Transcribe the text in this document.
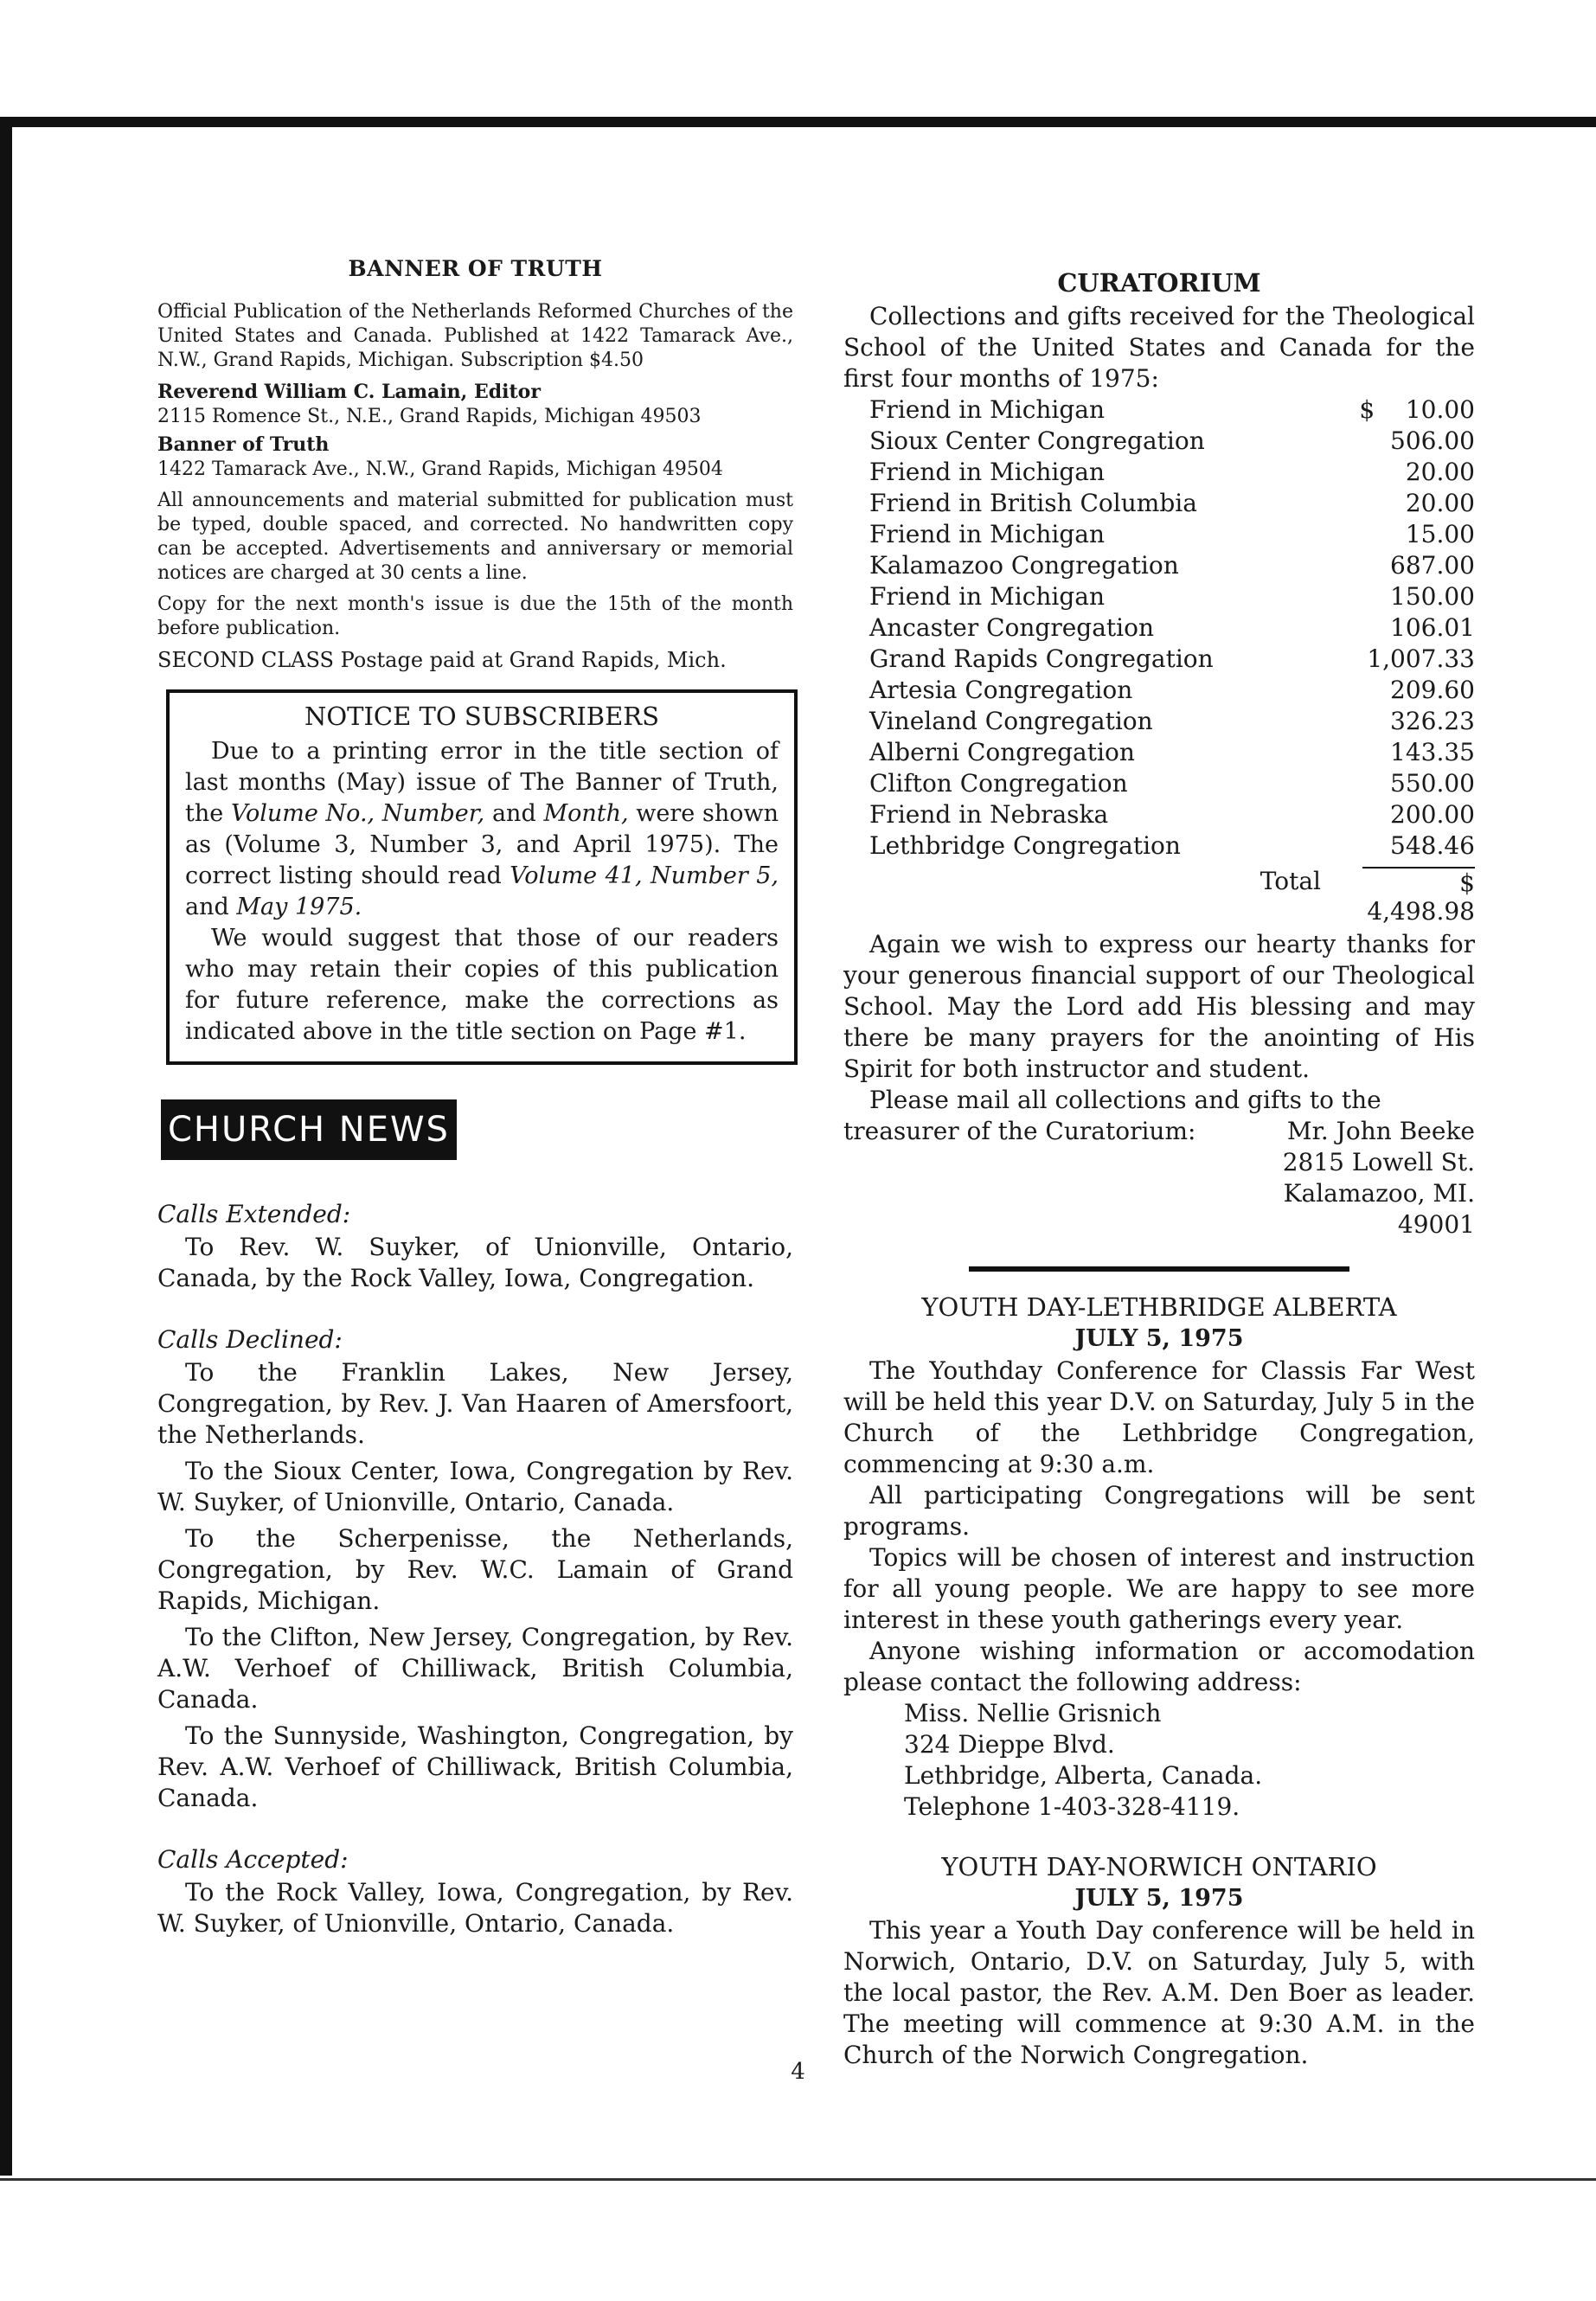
BANNER OF TRUTH

Official Publication of the Netherlands Reformed Churches of the United States and Canada. Published at 1422 Tamarack Ave., N.W., Grand Rapids, Michigan. Subscription $4.50

Reverend William C. Lamain, Editor
2115 Romence St., N.E., Grand Rapids, Michigan 49503

Banner of Truth
1422 Tamarack Ave., N.W., Grand Rapids, Michigan 49504

All announcements and material submitted for publication must be typed, double spaced, and corrected. No handwritten copy can be accepted. Advertisements and anniversary or memorial notices are charged at 30 cents a line.

Copy for the next month's issue is due the 15th of the month before publication.

SECOND CLASS Postage paid at Grand Rapids, Mich.

NOTICE TO SUBSCRIBERS

Due to a printing error in the title section of last months (May) issue of The Banner of Truth, the Volume No., Number, and Month, were shown as (Volume 3, Number 3, and April 1975). The correct listing should read Volume 41, Number 5, and May 1975.

We would suggest that those of our readers who may retain their copies of this publication for future reference, make the corrections as indicated above in the title section on Page #1.

CHURCH NEWS
Calls Extended:

To Rev. W. Suyker, of Unionville, Ontario, Canada, by the Rock Valley, Iowa, Congregation.

Calls Declined:

To the Franklin Lakes, New Jersey, Congregation, by Rev. J. Van Haaren of Amersfoort, the Netherlands.

To the Sioux Center, Iowa, Congregation by Rev. W. Suyker, of Unionville, Ontario, Canada.

To the Scherpenisse, the Netherlands, Congregation, by Rev. W.C. Lamain of Grand Rapids, Michigan.

To the Clifton, New Jersey, Congregation, by Rev. A.W. Verhoef of Chilliwack, British Columbia, Canada.

To the Sunnyside, Washington, Congregation, by Rev. A.W. Verhoef of Chilliwack, British Columbia, Canada.

Calls Accepted:

To the Rock Valley, Iowa, Congregation, by Rev. W. Suyker, of Unionville, Ontario, Canada.

CURATORIUM

Collections and gifts received for the Theological School of the United States and Canada for the first four months of 1975:

Friend in Michigan	$    10.00
Sioux Center Congregation	506.00
Friend in Michigan	20.00
Friend in British Columbia	20.00
Friend in Michigan	15.00
Kalamazoo Congregation	687.00
Friend in Michigan	150.00
Ancaster Congregation	106.01
Grand Rapids Congregation	1,007.33
Artesia Congregation	209.60
Vineland Congregation	326.23
Alberni Congregation	143.35
Clifton Congregation	550.00
Friend in Nebraska	200.00
Lethbridge Congregation	548.46
Total	$ 4,498.98

Again we wish to express our hearty thanks for your generous financial support of our Theological School. May the Lord add His blessing and may there be many prayers for the anointing of His Spirit for both instructor and student.

Please mail all collections and gifts to the

treasurer of the Curatorium:	Mr. John Beeke
2815 Lowell St.
Kalamazoo, MI.
49001
YOUTH DAY-LETHBRIDGE ALBERTA
JULY 5, 1975

The Youthday Conference for Classis Far West will be held this year D.V. on Saturday, July 5 in the Church of the Lethbridge Congregation, commencing at 9:30 a.m.

All participating Congregations will be sent programs.

Topics will be chosen of interest and instruction for all young people. We are happy to see more interest in these youth gatherings every year.

Anyone wishing information or accomodation please contact the following address:

Miss. Nellie Grisnich
324 Dieppe Blvd.
Lethbridge, Alberta, Canada.
Telephone 1-403-328-4119.
YOUTH DAY-NORWICH ONTARIO
JULY 5, 1975

This year a Youth Day conference will be held in Norwich, Ontario, D.V. on Saturday, July 5, with the local pastor, the Rev. A.M. Den Boer as leader. The meeting will commence at 9:30 A.M. in the Church of the Norwich Congregation.

4
